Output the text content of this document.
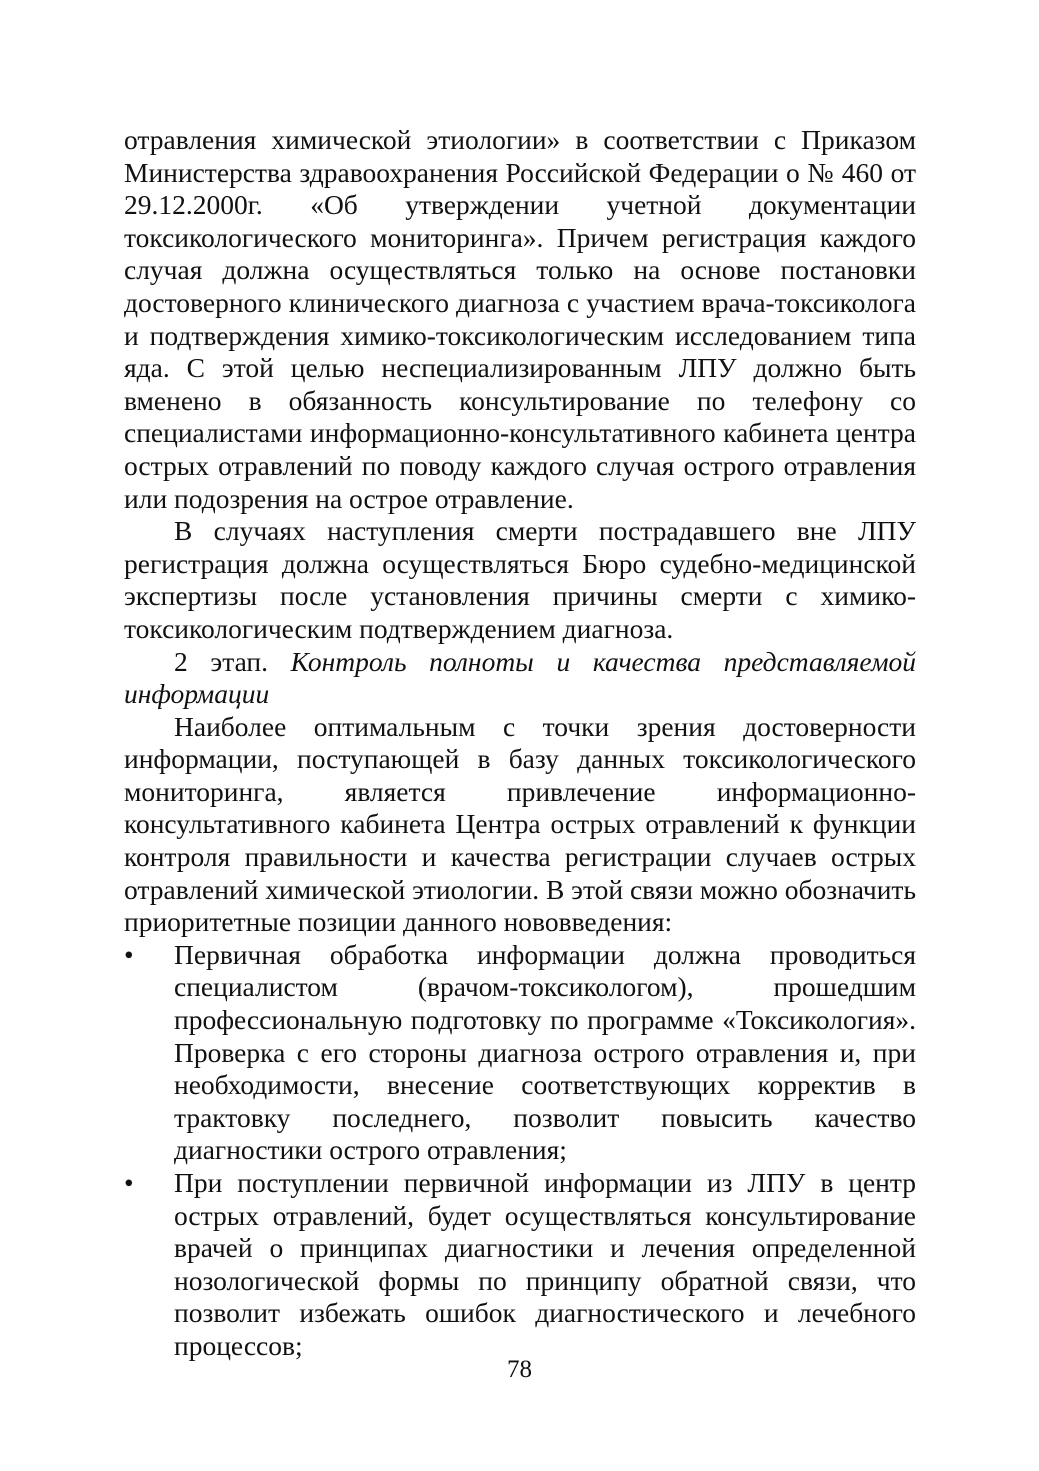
отравления химической этиологии» в соответствии с Приказом Министерства здравоохранения Российской Федерации о № 460 от 29.12.2000г. «Об утверждении учетной документации токсикологического мониторинга». Причем регистрация каждого случая должна осуществляться только на основе постановки достоверного клинического диагноза с участием врача-токсиколога и подтверждения химико-токсикологическим исследованием типа яда. С этой целью неспециализированным ЛПУ должно быть вменено в обязанность консультирование по телефону со специалистами информационно-консультативного кабинета центра острых отравлений по поводу каждого случая острого отравления или подозрения на острое отравление.

В случаях наступления смерти пострадавшего вне ЛПУ регистрация должна осуществляться Бюро судебно-медицинской экспертизы после установления причины смерти с химико-токсикологическим подтверждением диагноза.

2 этап. Контроль полноты и качества представляемой информации

Наиболее оптимальным с точки зрения достоверности информации, поступающей в базу данных токсикологического мониторинга, является привлечение информационно-консультативного кабинета Центра острых отравлений к функции контроля правильности и качества регистрации случаев острых отравлений химической этиологии. В этой связи можно обозначить приоритетные позиции данного нововведения:

• Первичная обработка информации должна проводиться специалистом (врачом-токсикологом), прошедшим профессиональную подготовку по программе «Токсикология». Проверка с его стороны диагноза острого отравления и, при необходимости, внесение соответствующих корректив в трактовку последнего, позволит повысить качество диагностики острого отравления;
• При поступлении первичной информации из ЛПУ в центр острых отравлений, будет осуществляться консультирование врачей о принципах диагностики и лечения определенной нозологической формы по принципу обратной связи, что позволит избежать ошибок диагностического и лечебного процессов;
78
